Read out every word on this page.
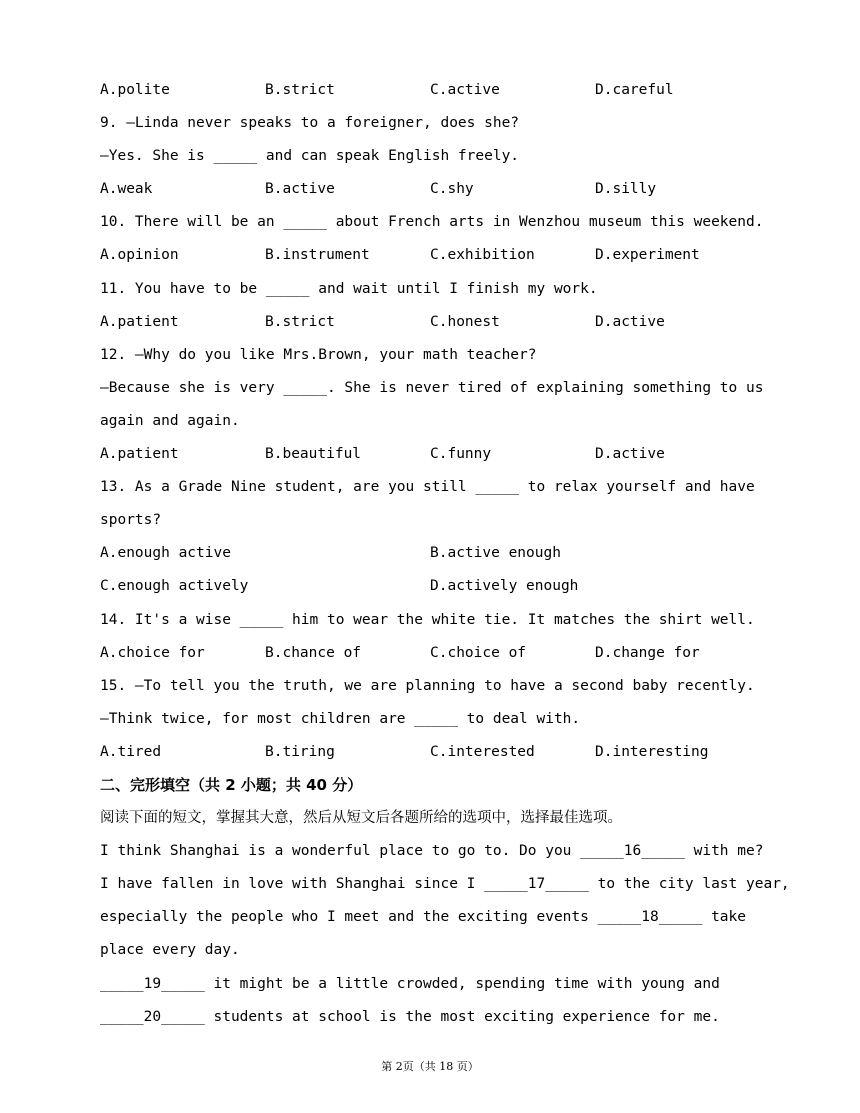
A.polite	B.strict	C.active	D.careful
9. —Linda never speaks to a foreigner, does she?
—Yes. She is _____ and can speak English freely.
A.weak	B.active	C.shy	D.silly
10. There will be an _____ about French arts in Wenzhou museum this weekend.
A.opinion	B.instrument	C.exhibition	D.experiment
11. You have to be _____ and wait until I finish my work.
A.patient	B.strict	C.honest	D.active
12. —Why do you like Mrs.Brown, your math teacher?
—Because she is very _____. She is never tired of explaining something to us
again and again.
A.patient	B.beautiful	C.funny	D.active
13. As a Grade Nine student, are you still _____ to relax yourself and have
sports?
A.enough active	B.active enough
C.enough actively	D.actively enough
14. It's a wise _____ him to wear the white tie. It matches the shirt well.
A.choice for	B.chance of	C.choice of	D.change for
15. —To tell you the truth, we are planning to have a second baby recently.
—Think twice, for most children are _____ to deal with.
A.tired	B.tiring	C.interested	D.interesting
二、完形填空（共 2 小题；共 40 分）
阅读下面的短文，掌握其大意，然后从短文后各题所给的选项中，选择最佳选项。
I think Shanghai is a wonderful place to go to. Do you _____16_____ with me?
I have fallen in love with Shanghai since I _____17_____ to the city last year,
especially the people who I meet and the exciting events _____18_____ take
place every day.
_____19_____ it might be a little crowded, spending time with young and
_____20_____ students at school is the most exciting experience for me.
第 2页（共 18 页）
